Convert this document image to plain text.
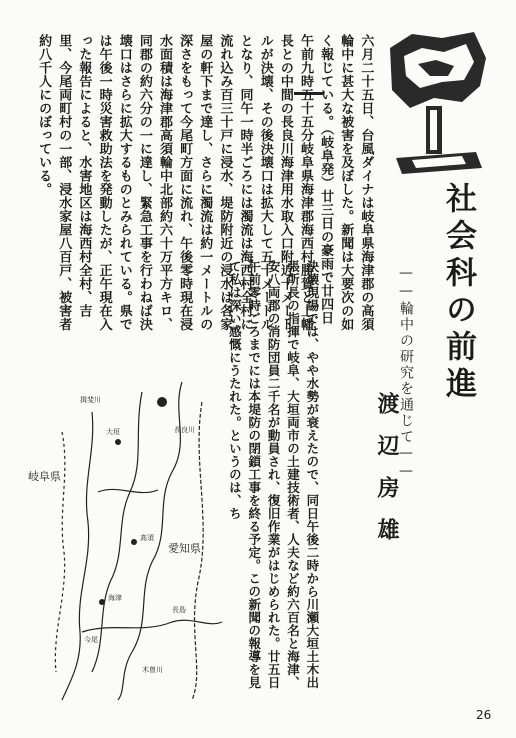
社会科の前進
——輪中の研究を通じて——
渡辺房雄
六月二十五日、台風ダイナは岐阜県海津郡の高須輪中に甚大な被害を及ぼした。新聞は大要次の如く報じている。（岐阜発）廿三日の豪雨で廿四日午前九時五十五分岐阜県海津郡海西村勝賀と上幡長との中間の長良川海津用水取入口附近十メートルが決壊、その後決壊口は拡大して五十メートルとなり、同午一時半ごろには濁流は海西村全村に流れ込み百三十戸に浸水、堤防附近の浸水は各家屋の軒下まで達し、さらに濁流は約一メートルの深さをもって今尾町方面に流れ、午後零時現在浸水面積は海津郡高須輪中北部約六十万平方キロ、同郡の約六分の一に達し、緊急工事を行わねば決壊口はさらに拡大するものとみられている。県では午後一時災害救助法を発動したが、正午現在入った報告によると、水害地区は海西村全村、吉里、今尾両町村の一部、浸水家屋八百戸、被害者約八千人にのぼっている。
決壊現場では、やや水勢が衰えたので、同日午後二時から川瀬大垣土木出張所長の指揮で岐阜、大垣両市の土建技術者、人夫など約六百名と海津、安八両郡の消防団員二千名が動員され、復旧作業がはじめられた。廿五日午前零時ごろまでには本堤防の閉鎖工事を終る予定。この新聞の報導を見て私は深い感慨にうたれた。というのは、ち
岐阜県
愛知県
長良川
揖斐川
木曽川
大垣
高須
海津
今尾
長島
26
